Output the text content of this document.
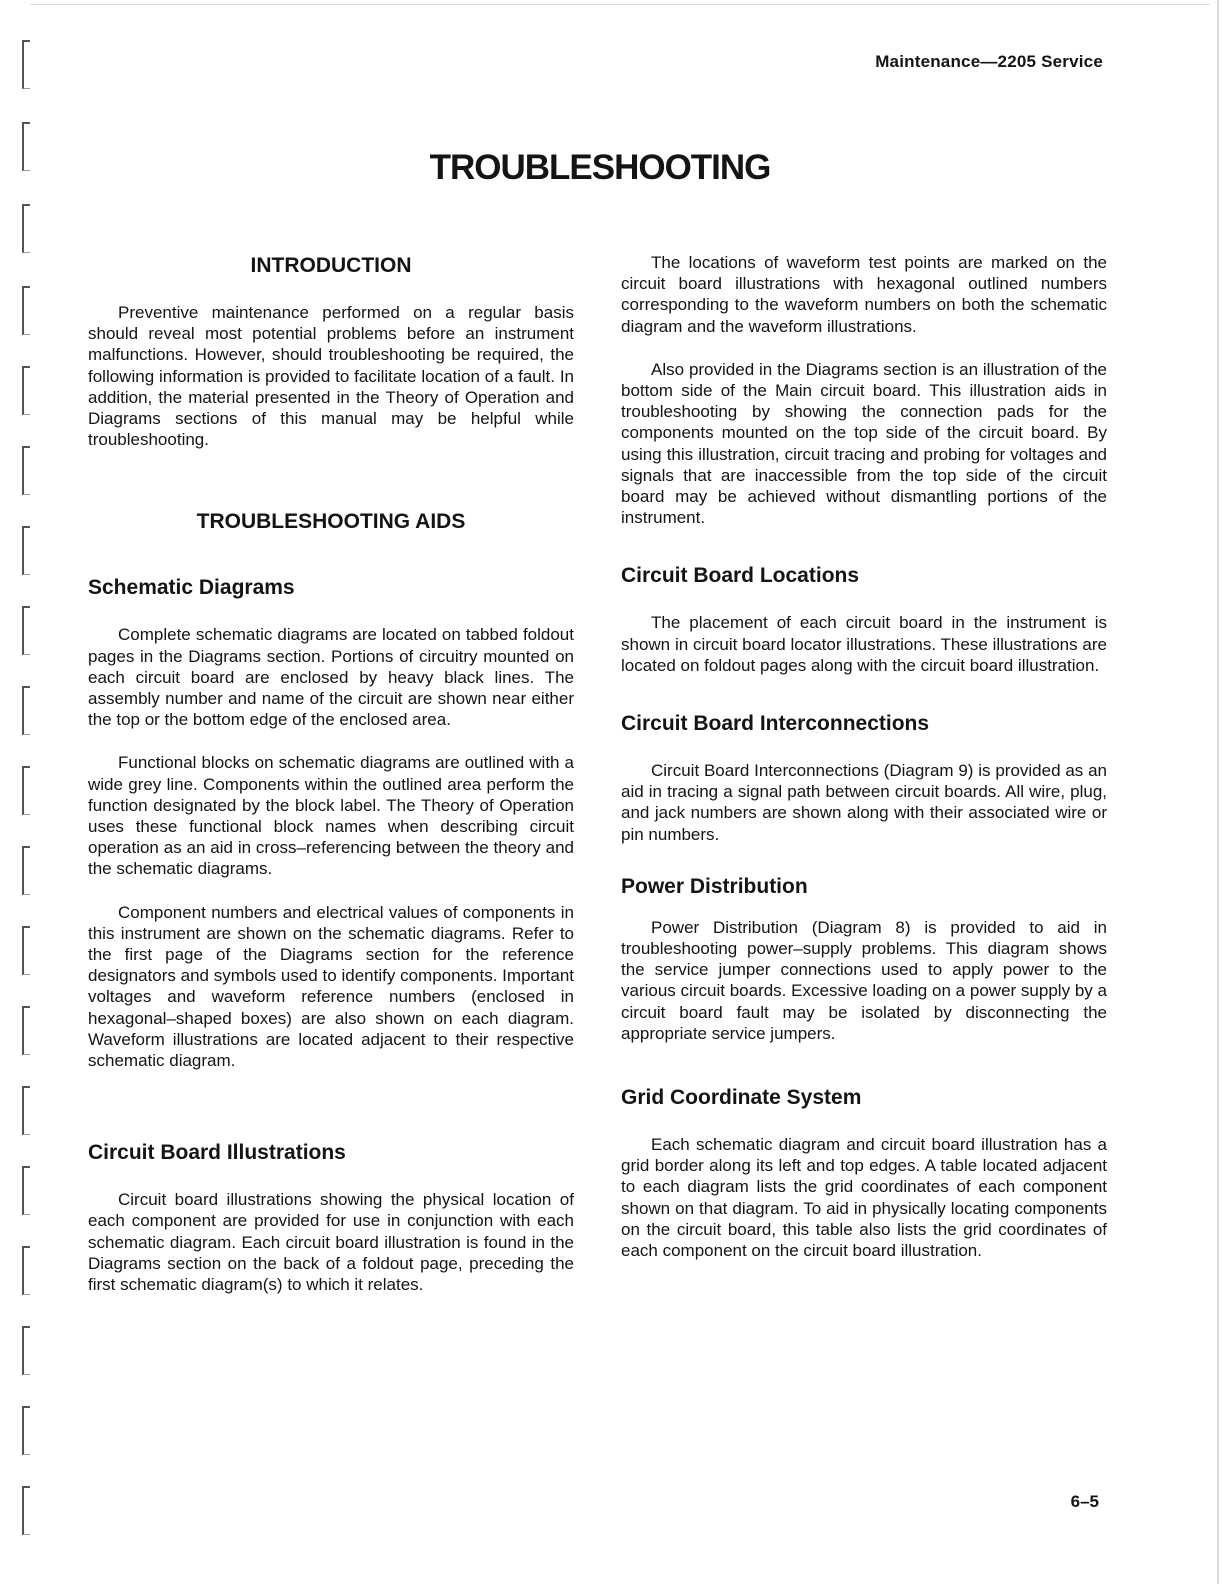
Maintenance—2205 Service
TROUBLESHOOTING
INTRODUCTION

Preventive maintenance performed on a regular basis should reveal most potential problems before an instrument malfunctions. However, should troubleshooting be required, the following information is provided to facilitate location of a fault. In addition, the material presented in the Theory of Operation and Diagrams sections of this manual may be helpful while troubleshooting.

TROUBLESHOOTING AIDS
Schematic Diagrams

Complete schematic diagrams are located on tabbed foldout pages in the Diagrams section. Portions of circuitry mounted on each circuit board are enclosed by heavy black lines. The assembly number and name of the circuit are shown near either the top or the bottom edge of the enclosed area.

Functional blocks on schematic diagrams are outlined with a wide grey line. Components within the outlined area perform the function designated by the block label. The Theory of Operation uses these functional block names when describing circuit operation as an aid in cross–referencing between the theory and the schematic diagrams.

Component numbers and electrical values of components in this instrument are shown on the schematic diagrams. Refer to the first page of the Diagrams section for the reference designators and symbols used to identify components. Important voltages and waveform reference numbers (enclosed in hexagonal–shaped boxes) are also shown on each diagram. Waveform illustrations are located adjacent to their respective schematic diagram.

Circuit Board Illustrations

Circuit board illustrations showing the physical location of each component are provided for use in conjunction with each schematic diagram. Each circuit board illustration is found in the Diagrams section on the back of a foldout page, preceding the first schematic diagram(s) to which it relates.

The locations of waveform test points are marked on the circuit board illustrations with hexagonal outlined numbers corresponding to the waveform numbers on both the schematic diagram and the waveform illustrations.

Also provided in the Diagrams section is an illustration of the bottom side of the Main circuit board. This illustration aids in troubleshooting by showing the connection pads for the components mounted on the top side of the circuit board. By using this illustration, circuit tracing and probing for voltages and signals that are inaccessible from the top side of the circuit board may be achieved without dismantling portions of the instrument.

Circuit Board Locations

The placement of each circuit board in the instrument is shown in circuit board locator illustrations. These illustrations are located on foldout pages along with the circuit board illustration.

Circuit Board Interconnections

Circuit Board Interconnections (Diagram 9) is provided as an aid in tracing a signal path between circuit boards. All wire, plug, and jack numbers are shown along with their associated wire or pin numbers.

Power Distribution

Power Distribution (Diagram 8) is provided to aid in troubleshooting power–supply problems. This diagram shows the service jumper connections used to apply power to the various circuit boards. Excessive loading on a power supply by a circuit board fault may be isolated by disconnecting the appropriate service jumpers.

Grid Coordinate System

Each schematic diagram and circuit board illustration has a grid border along its left and top edges. A table located adjacent to each diagram lists the grid coordinates of each component shown on that diagram. To aid in physically locating components on the circuit board, this table also lists the grid coordinates of each component on the circuit board illustration.

6–5
